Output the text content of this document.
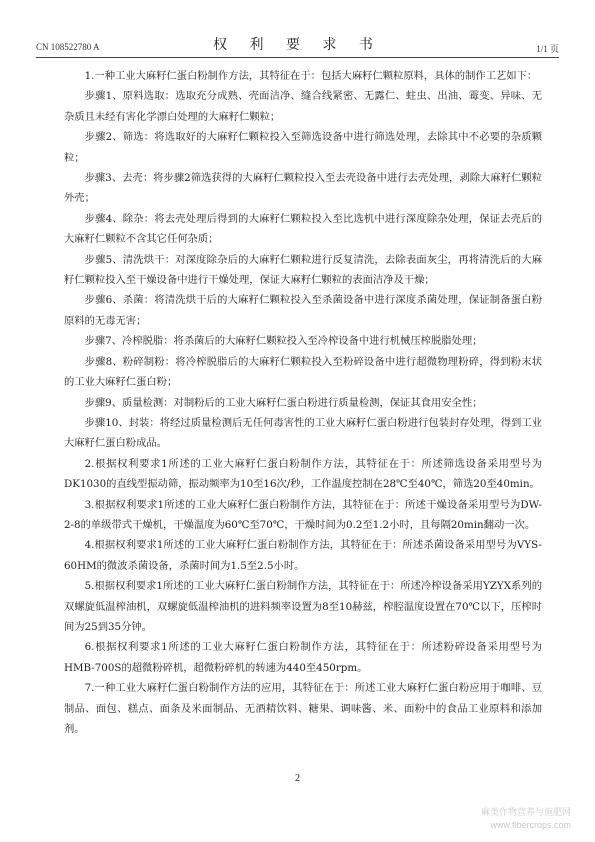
CN 108522780 A	权 利 要 求 书	1/1 页

1.一种工业大麻籽仁蛋白粉制作方法，其特征在于：包括大麻籽仁颗粒原料，具体的制作工艺如下：

步骤1、原料选取：选取充分成熟、壳面洁净、缝合线紧密、无露仁、蛀虫、出油、霉变、异味、无杂质且未经有害化学漂白处理的大麻籽仁颗粒；

步骤2、筛选：将选取好的大麻籽仁颗粒投入至筛选设备中进行筛选处理，去除其中不必要的杂质颗粒；

步骤3、去壳：将步骤2筛选获得的大麻籽仁颗粒投入至去壳设备中进行去壳处理，剥除大麻籽仁颗粒外壳；

步骤4、除杂：将去壳处理后得到的大麻籽仁颗粒投入至比选机中进行深度除杂处理，保证去壳后的大麻籽仁颗粒不含其它任何杂质；

步骤5、清洗烘干：对深度除杂后的大麻籽仁颗粒进行反复清洗，去除表面灰尘，再将清洗后的大麻籽仁颗粒投入至干燥设备中进行干燥处理，保证大麻籽仁颗粒的表面洁净及干燥；

步骤6、杀菌：将清洗烘干后的大麻籽仁颗粒投入至杀菌设备中进行深度杀菌处理，保证制备蛋白粉原料的无毒无害；

步骤7、冷榨脱脂：将杀菌后的大麻籽仁颗粒投入至冷榨设备中进行机械压榨脱脂处理；

步骤8、粉碎制粉：将冷榨脱脂后的大麻籽仁颗粒投入至粉碎设备中进行超微物理粉碎，得到粉末状的工业大麻籽仁蛋白粉；

步骤9、质量检测：对制粉后的工业大麻籽仁蛋白粉进行质量检测，保证其食用安全性；

步骤10、封装：将经过质量检测后无任何毒害性的工业大麻籽仁蛋白粉进行包装封存处理，得到工业大麻籽仁蛋白粉成品。

2.根据权利要求1所述的工业大麻籽仁蛋白粉制作方法，其特征在于：所述筛选设备采用型号为DK1030的直线型振动筛，振动频率为10至16次/秒，工作温度控制在28℃至40℃，筛选20至40min。

3.根据权利要求1所述的工业大麻籽仁蛋白粉制作方法，其特征在于：所述干燥设备采用型号为DW-2-8的单级带式干燥机，干燥温度为60℃至70℃，干燥时间为0.2至1.2小时，且每隔20min翻动一次。

4.根据权利要求1所述的工业大麻籽仁蛋白粉制作方法，其特征在于：所述杀菌设备采用型号为VYS-60HM的微波杀菌设备，杀菌时间为1.5至2.5小时。

5.根据权利要求1所述的工业大麻籽仁蛋白粉制作方法，其特征在于：所述冷榨设备采用YZYX系列的双螺旋低温榨油机，双螺旋低温榨油机的进料频率设置为8至10赫兹，榨腔温度设置在70℃以下，压榨时间为25到35分钟。

6.根据权利要求1所述的工业大麻籽仁蛋白粉制作方法，其特征在于：所述粉碎设备采用型号为HMB-700S的超微粉碎机，超微粉碎机的转速为440至450rpm。

7.一种工业大麻籽仁蛋白粉制作方法的应用，其特征在于：所述工业大麻籽仁蛋白粉应用于咖啡、豆制品、面包、糕点、面条及米面制品、无酒精饮料、糖果、调味酱、米、面粉中的食品工业原料和添加剂。

2
麻类作物营养与施肥网
www.fibercrops.com
